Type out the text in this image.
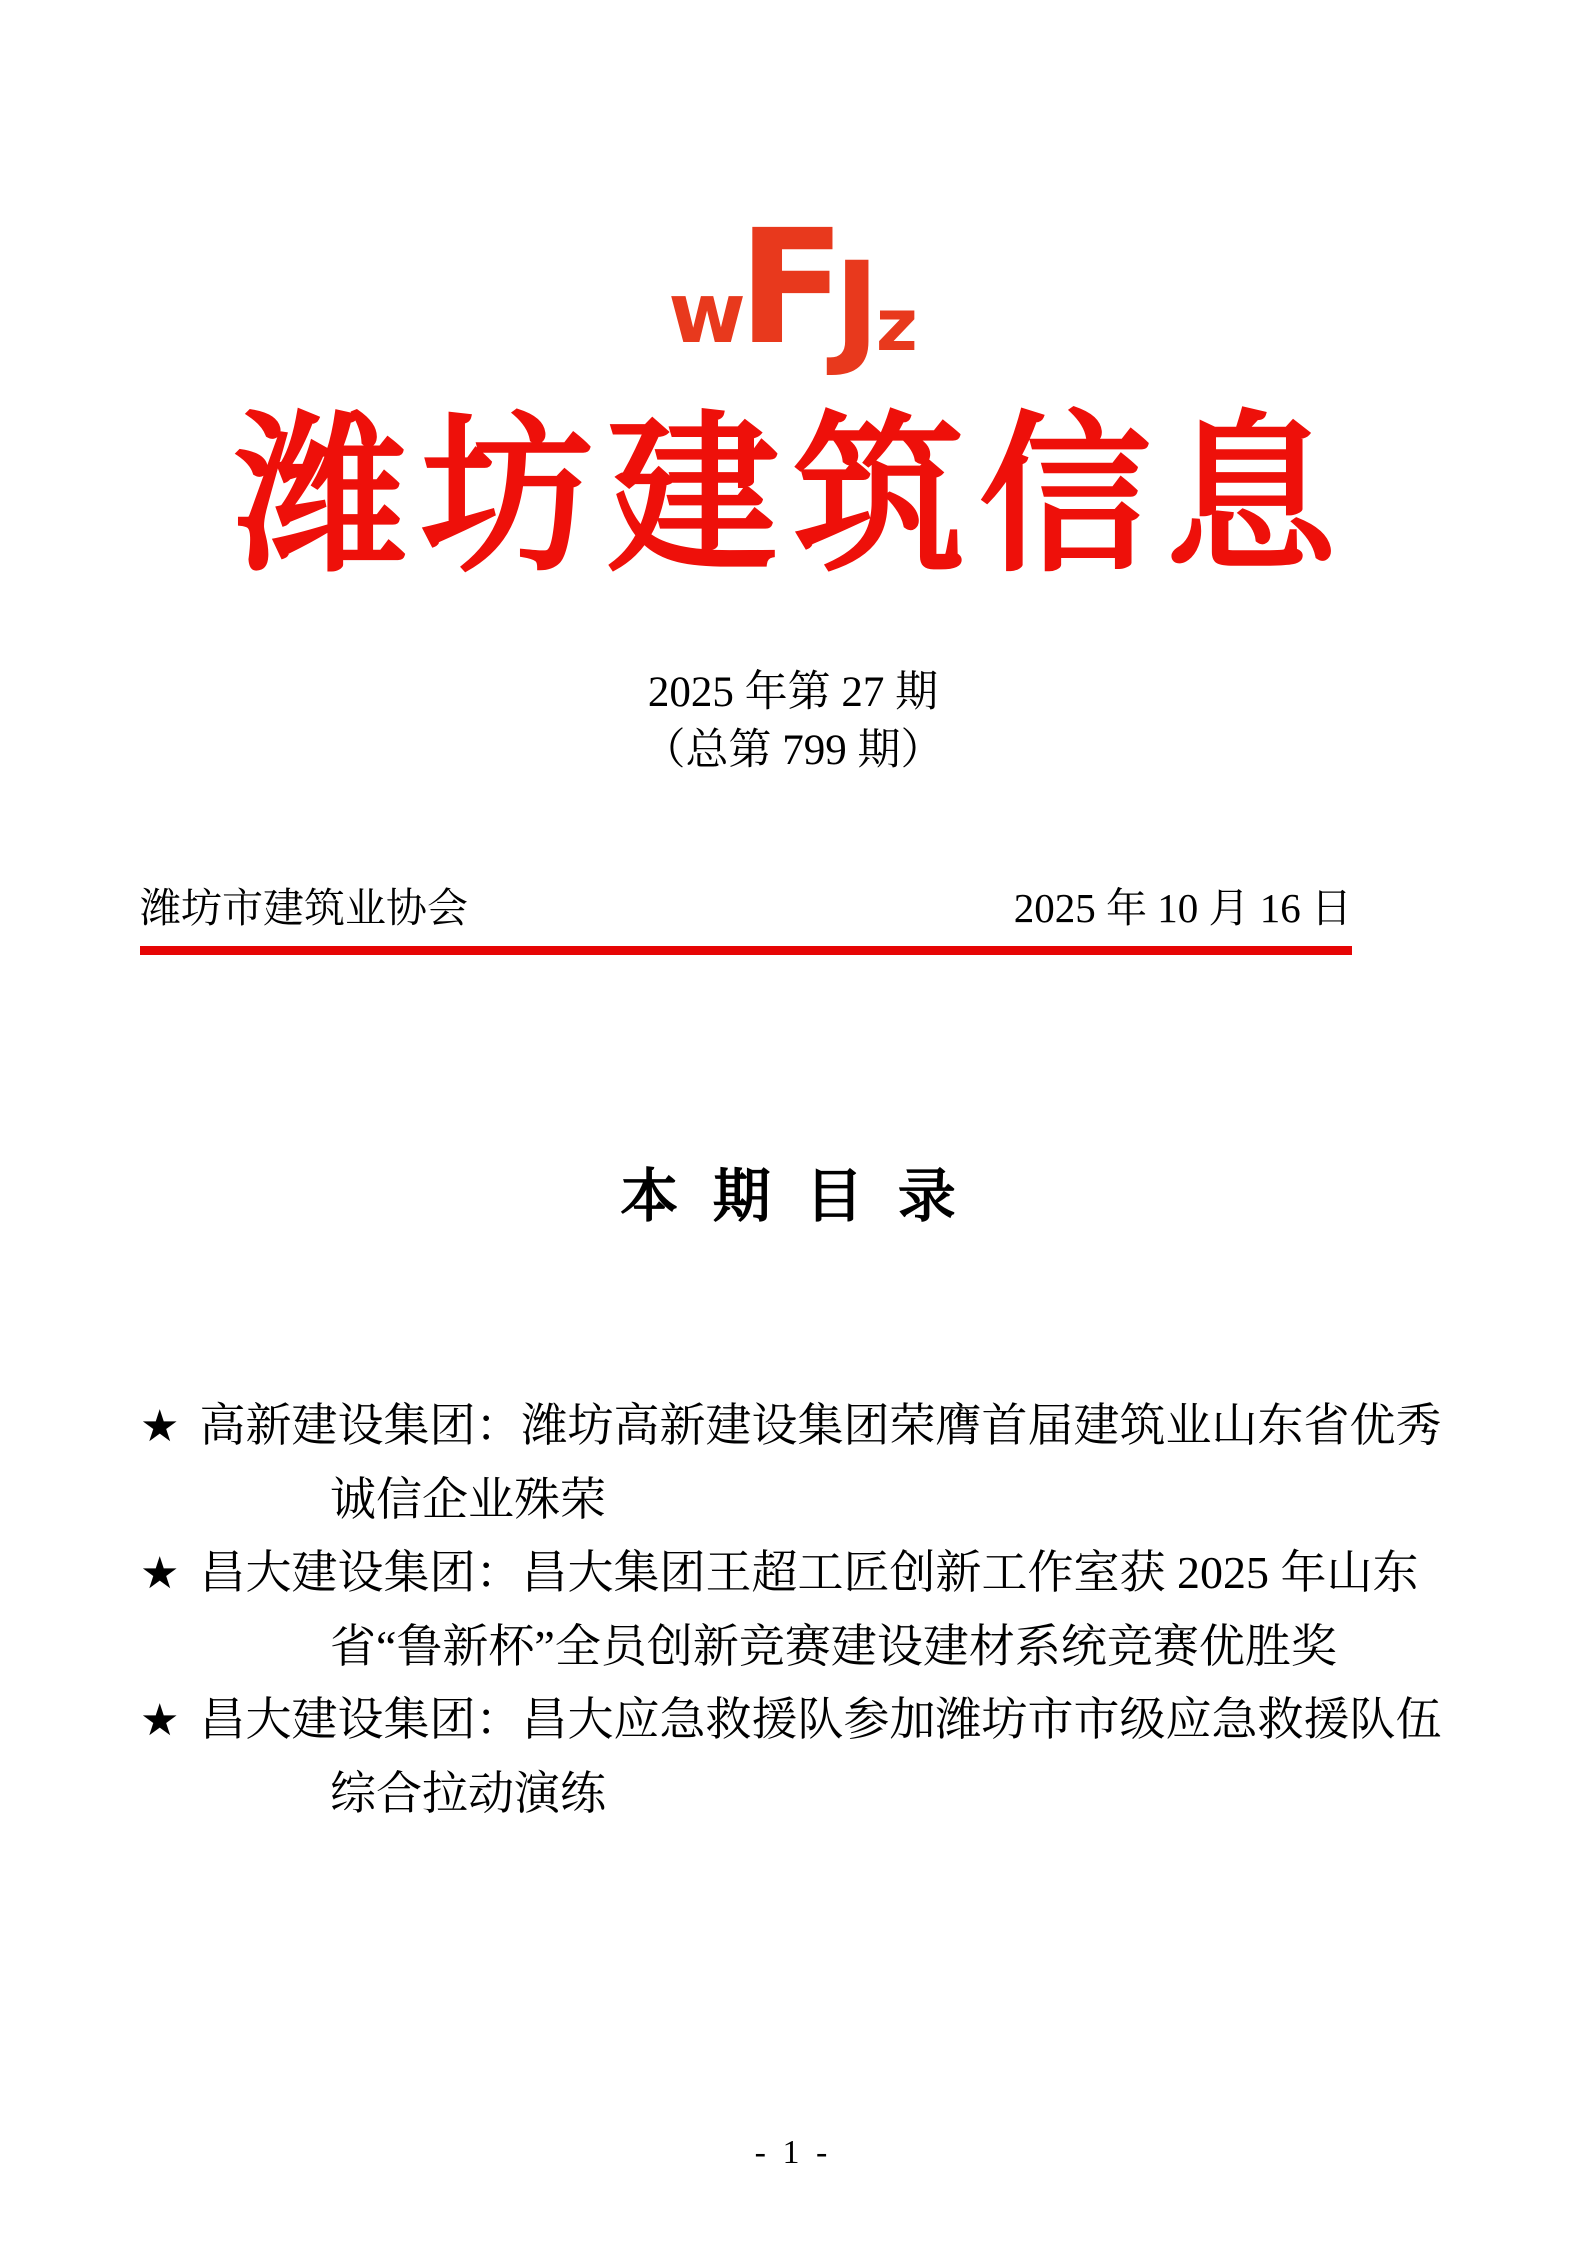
w
F
J
z
潍坊建筑信息
2025 年第 27 期
（总第 799 期）
潍坊市建筑业协会	2025 年 10 月 16 日
本 期 目 录
★ 高新建设集团：潍坊高新建设集团荣膺首届建筑业山东省优秀
诚信企业殊荣
★ 昌大建设集团：昌大集团王超工匠创新工作室获 2025 年山东
省“鲁新杯”全员创新竞赛建设建材系统竞赛优胜奖
★ 昌大建设集团：昌大应急救援队参加潍坊市市级应急救援队伍
综合拉动演练
- 1 -
